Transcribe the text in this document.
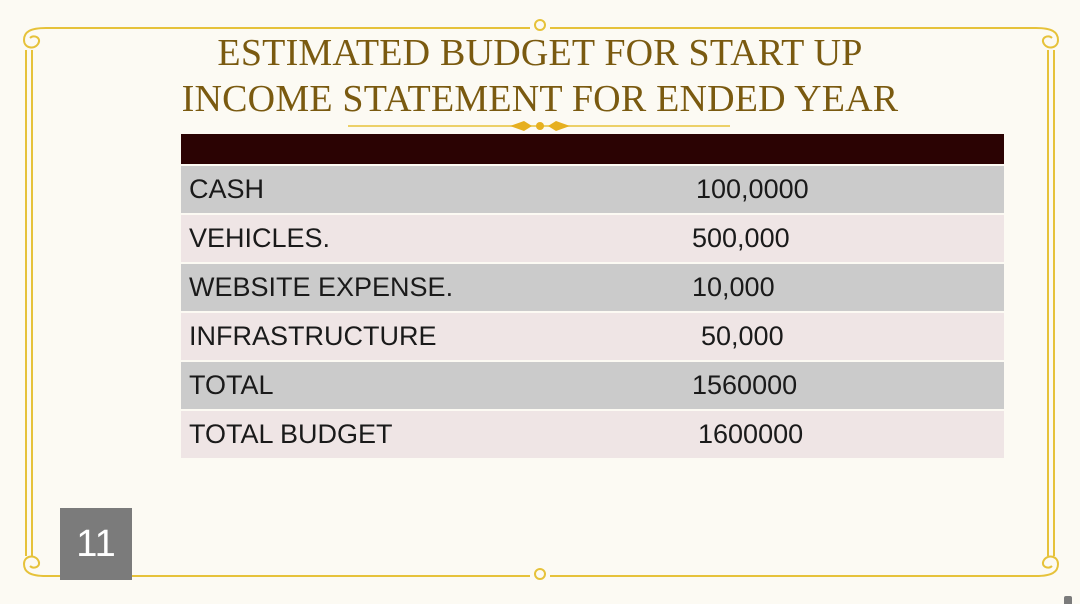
ESTIMATED BUDGET FOR START UP
INCOME STATEMENT FOR ENDED YEAR
CASH	100,0000
VEHICLES.	500,000
WEBSITE EXPENSE.	10,000
INFRASTRUCTURE	50,000
TOTAL	1560000
TOTAL BUDGET	1600000
11
